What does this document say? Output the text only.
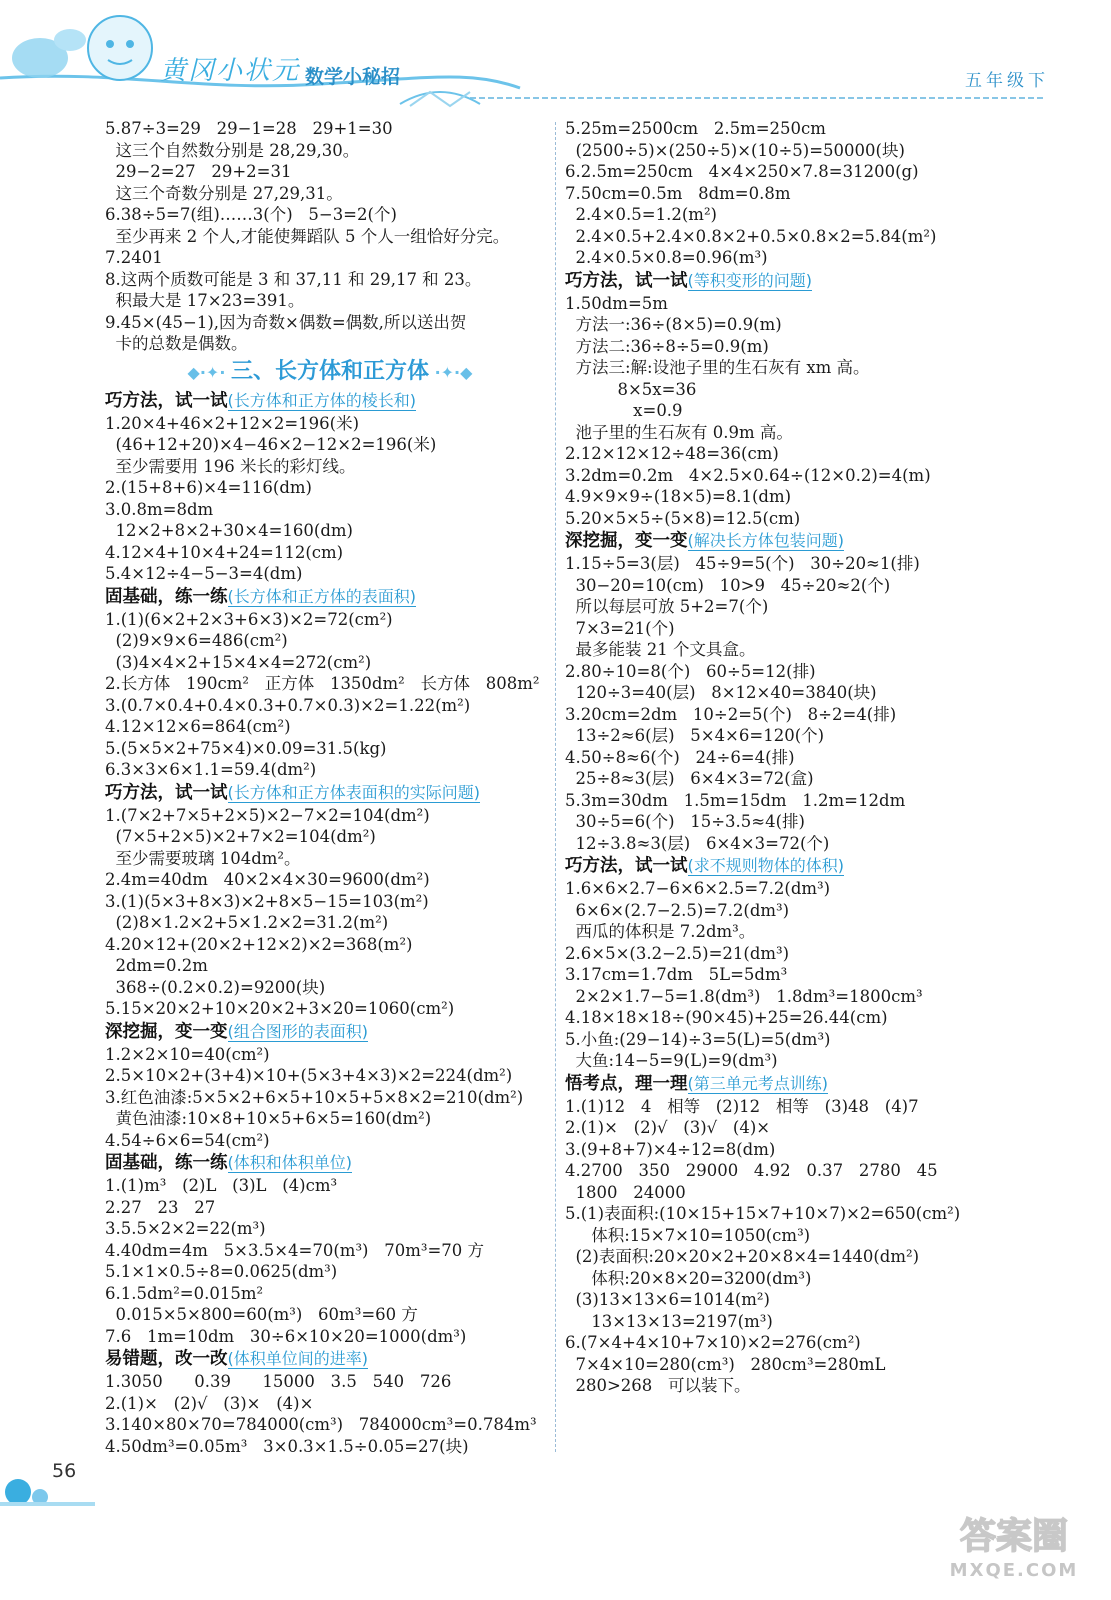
黄冈小状元 数学小秘招	五年级下
5.87÷3=29   29−1=28   29+1=30
这三个自然数分别是 28,29,30。
29−2=27   29+2=31
这三个奇数分别是 27,29,31。
6.38÷5=7(组)……3(个)   5−3=2(个)
至少再来 2 个人,才能使舞蹈队 5 个人一组恰好分完。
7.2401
8.这两个质数可能是 3 和 37,11 和 29,17 和 23。
积最大是 17×23=391。
9.45×(45−1),因为奇数×偶数=偶数,所以送出贺
卡的总数是偶数。
◆·✦· 三、长方体和正方体 ·✦·◆
巧方法，试一试(长方体和正方体的棱长和)
1.20×4+46×2+12×2=196(米)
(46+12+20)×4−46×2−12×2=196(米)
至少需要用 196 米长的彩灯线。
2.(15+8+6)×4=116(dm)
3.0.8m=8dm
12×2+8×2+30×4=160(dm)
4.12×4+10×4+24=112(cm)
5.4×12÷4−5−3=4(dm)
固基础，练一练(长方体和正方体的表面积)
1.(1)(6×2+2×3+6×3)×2=72(cm²)
(2)9×9×6=486(cm²)
(3)4×4×2+15×4×4=272(cm²)
2.长方体   190cm²   正方体   1350dm²   长方体   808m²
3.(0.7×0.4+0.4×0.3+0.7×0.3)×2=1.22(m²)
4.12×12×6=864(cm²)
5.(5×5×2+75×4)×0.09=31.5(kg)
6.3×3×6×1.1=59.4(dm²)
巧方法，试一试(长方体和正方体表面积的实际问题)
1.(7×2+7×5+2×5)×2−7×2=104(dm²)
(7×5+2×5)×2+7×2=104(dm²)
至少需要玻璃 104dm²。
2.4m=40dm   40×2×4×30=9600(dm²)
3.(1)(5×3+8×3)×2+8×5−15=103(m²)
(2)8×1.2×2+5×1.2×2=31.2(m²)
4.20×12+(20×2+12×2)×2=368(m²)
2dm=0.2m
368÷(0.2×0.2)=9200(块)
5.15×20×2+10×20×2+3×20=1060(cm²)
深挖掘，变一变(组合图形的表面积)
1.2×2×10=40(cm²)
2.5×10×2+(3+4)×10+(5×3+4×3)×2=224(dm²)
3.红色油漆:5×5×2+6×5+10×5+5×8×2=210(dm²)
黄色油漆:10×8+10×5+6×5=160(dm²)
4.54÷6×6=54(cm²)
固基础，练一练(体积和体积单位)
1.(1)m³   (2)L   (3)L   (4)cm³
2.27   23   27
3.5.5×2×2=22(m³)
4.40dm=4m   5×3.5×4=70(m³)   70m³=70 方
5.1×1×0.5÷8=0.0625(dm³)
6.1.5dm²=0.015m²
0.015×5×800=60(m³)   60m³=60 方
7.6   1m=10dm   30÷6×10×20=1000(dm³)
易错题，改一改(体积单位间的进率)
1.3050      0.39      15000   3.5   540   726
2.(1)×   (2)√   (3)×   (4)×
3.140×80×70=784000(cm³)   784000cm³=0.784m³
4.50dm³=0.05m³   3×0.3×1.5÷0.05=27(块)
5.25m=2500cm   2.5m=250cm
(2500÷5)×(250÷5)×(10÷5)=50000(块)
6.2.5m=250cm   4×4×250×7.8=31200(g)
7.50cm=0.5m   8dm=0.8m
2.4×0.5=1.2(m²)
2.4×0.5+2.4×0.8×2+0.5×0.8×2=5.84(m²)
2.4×0.5×0.8=0.96(m³)
巧方法，试一试(等积变形的问题)
1.50dm=5m
方法一:36÷(8×5)=0.9(m)
方法二:36÷8÷5=0.9(m)
方法三:解:设池子里的生石灰有 xm 高。
8×5x=36
x=0.9
池子里的生石灰有 0.9m 高。
2.12×12×12÷48=36(cm)
3.2dm=0.2m   4×2.5×0.64÷(12×0.2)=4(m)
4.9×9×9÷(18×5)=8.1(dm)
5.20×5×5÷(5×8)=12.5(cm)
深挖掘，变一变(解决长方体包装问题)
1.15÷5=3(层)   45÷9=5(个)   30÷20≈1(排)
30−20=10(cm)   10>9   45÷20≈2(个)
所以每层可放 5+2=7(个)
7×3=21(个)
最多能装 21 个文具盒。
2.80÷10=8(个)   60÷5=12(排)
120÷3=40(层)   8×12×40=3840(块)
3.20cm=2dm   10÷2=5(个)   8÷2=4(排)
13÷2≈6(层)   5×4×6=120(个)
4.50÷8≈6(个)   24÷6=4(排)
25÷8≈3(层)   6×4×3=72(盒)
5.3m=30dm   1.5m=15dm   1.2m=12dm
30÷5=6(个)   15÷3.5≈4(排)
12÷3.8≈3(层)   6×4×3=72(个)
巧方法，试一试(求不规则物体的体积)
1.6×6×2.7−6×6×2.5=7.2(dm³)
6×6×(2.7−2.5)=7.2(dm³)
西瓜的体积是 7.2dm³。
2.6×5×(3.2−2.5)=21(dm³)
3.17cm=1.7dm   5L=5dm³
2×2×1.7−5=1.8(dm³)   1.8dm³=1800cm³
4.18×18×18÷(90×45)+25=26.44(cm)
5.小鱼:(29−14)÷3=5(L)=5(dm³)
大鱼:14−5=9(L)=9(dm³)
悟考点，理一理(第三单元考点训练)
1.(1)12   4   相等   (2)12   相等   (3)48   (4)7
2.(1)×   (2)√   (3)√   (4)×
3.(9+8+7)×4÷12=8(dm)
4.2700   350   29000   4.92   0.37   2780   45
1800   24000
5.(1)表面积:(10×15+15×7+10×7)×2=650(cm²)
体积:15×7×10=1050(cm³)
(2)表面积:20×20×2+20×8×4=1440(dm²)
体积:20×8×20=3200(dm³)
(3)13×13×6=1014(m²)
13×13×13=2197(m³)
6.(7×4+4×10+7×10)×2=276(cm²)
7×4×10=280(cm³)   280cm³=280mL
280>268   可以装下。
56
答案圈
MXQE.COM
